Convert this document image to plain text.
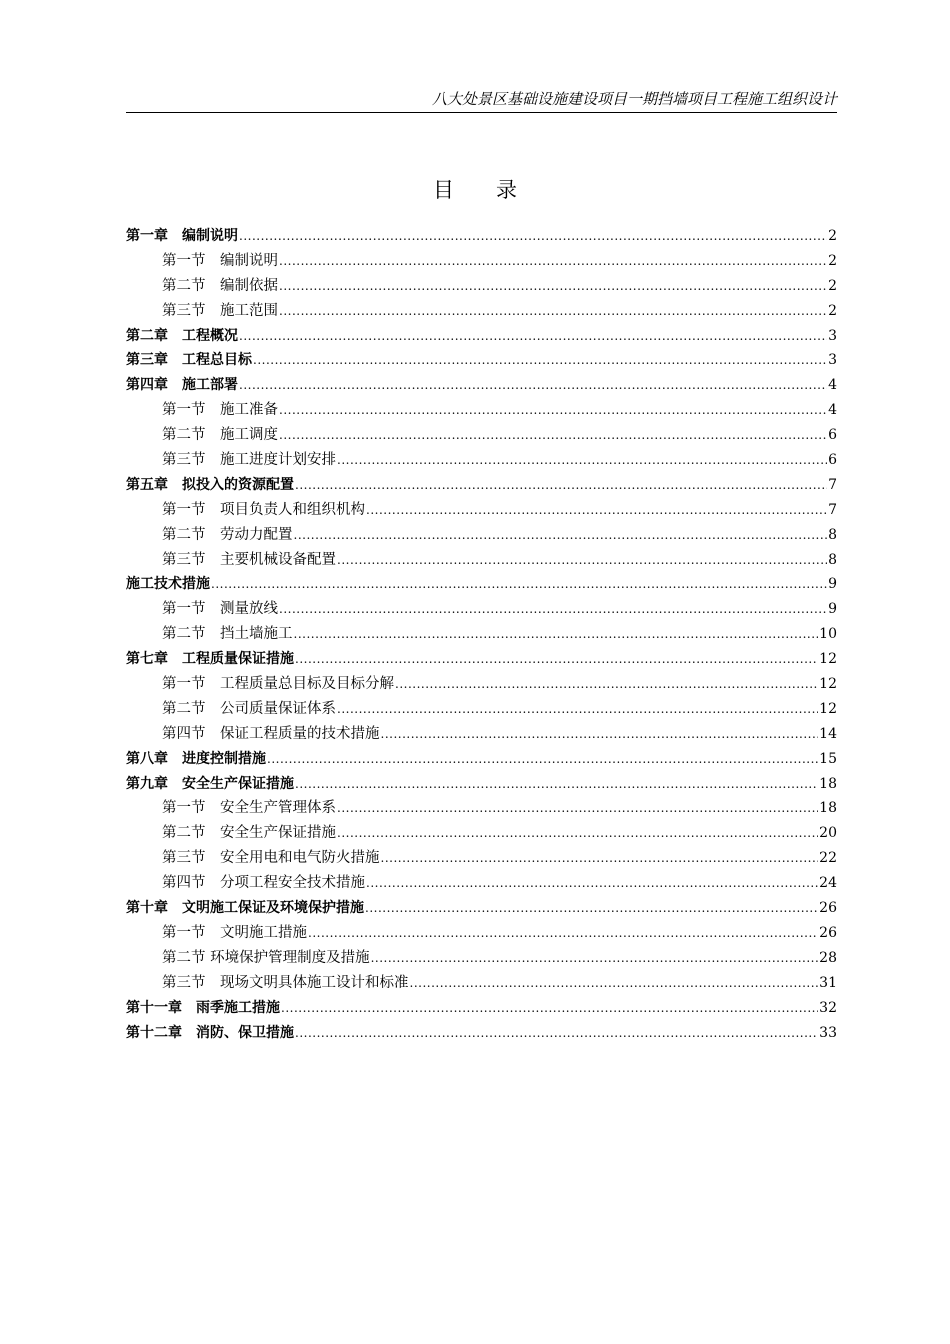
八大处景区基础设施建设项目一期挡墙项目工程施工组织设计
目　　录
第一章　编制说明 .....	2
第一节　编制说明 .....	2
第二节　编制依据 .....	2
第三节　施工范围 .....	2
第二章　工程概况 .....	3
第三章　工程总目标 .....	3
第四章　施工部署 .....	4
第一节　施工准备 .....	4
第二节　施工调度 .....	6
第三节　施工进度计划安排 .....	6
第五章　拟投入的资源配置 .....	7
第一节　项目负责人和组织机构 .....	7
第二节　劳动力配置 .....	8
第三节　主要机械设备配置 .....	8
施工技术措施 .....	9
第一节　测量放线 .....	9
第二节　挡土墙施工 .....	10
第七章　工程质量保证措施 .....	12
第一节　工程质量总目标及目标分解 .....	12
第二节　公司质量保证体系 .....	12
第四节　保证工程质量的技术措施 .....	14
第八章　进度控制措施 .....	15
第九章　安全生产保证措施 .....	18
第一节　安全生产管理体系 .....	18
第二节　安全生产保证措施 .....	20
第三节　安全用电和电气防火措施 .....	22
第四节　分项工程安全技术措施 .....	24
第十章　文明施工保证及环境保护措施 .....	26
第一节　文明施工措施 .....	26
第二节 环境保护管理制度及措施 .....	28
第三节　现场文明具体施工设计和标准 .....	31
第十一章　雨季施工措施 .....	32
第十二章　消防、保卫措施 .....	33
